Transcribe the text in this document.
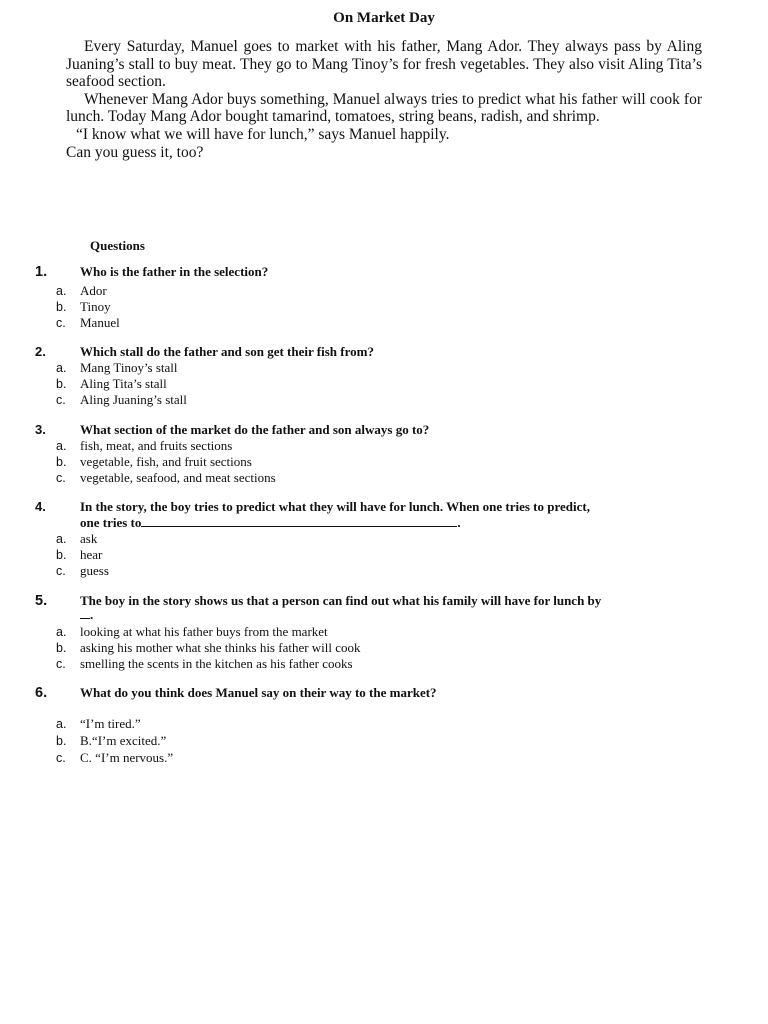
On Market Day

Every Saturday, Manuel goes to market with his father, Mang Ador. They always pass by Aling Juaning’s stall to buy meat. They go to Mang Tinoy’s for fresh vegetables. They also visit Aling Tita’s seafood section.

Whenever Mang Ador buys something, Manuel always tries to predict what his father will cook for lunch. Today Mang Ador bought tamarind, tomatoes, string beans, radish, and shrimp.

“I know what we will have for lunch,” says Manuel happily.

Can you guess it, too?

Questions
1.	Who is the father in the selection?
a. Ador
b. Tinoy
c. Manuel
2.	Which stall do the father and son get their fish from?
a. Mang Tinoy’s stall
b. Aling Tita’s stall
c. Aling Juaning’s stall
3.	What section of the market do the father and son always go to?
a. fish, meat, and fruits sections
b. vegetable, fish, and fruit sections
c. vegetable, seafood, and meat sections
4.	In the story, the boy tries to predict what they will have for lunch. When one tries to predict,
one tries to	.
a. ask
b. hear
c. guess
5.	The boy in the story shows us that a person can find out what his family will have for lunch by
.
a. looking at what his father buys from the market
b. asking his mother what she thinks his father will cook
c. smelling the scents in the kitchen as his father cooks
6.	What do you think does Manuel say on their way to the market?
a. “I’m tired.”
b. B.“I’m excited.”
c. C. “I’m nervous.”
